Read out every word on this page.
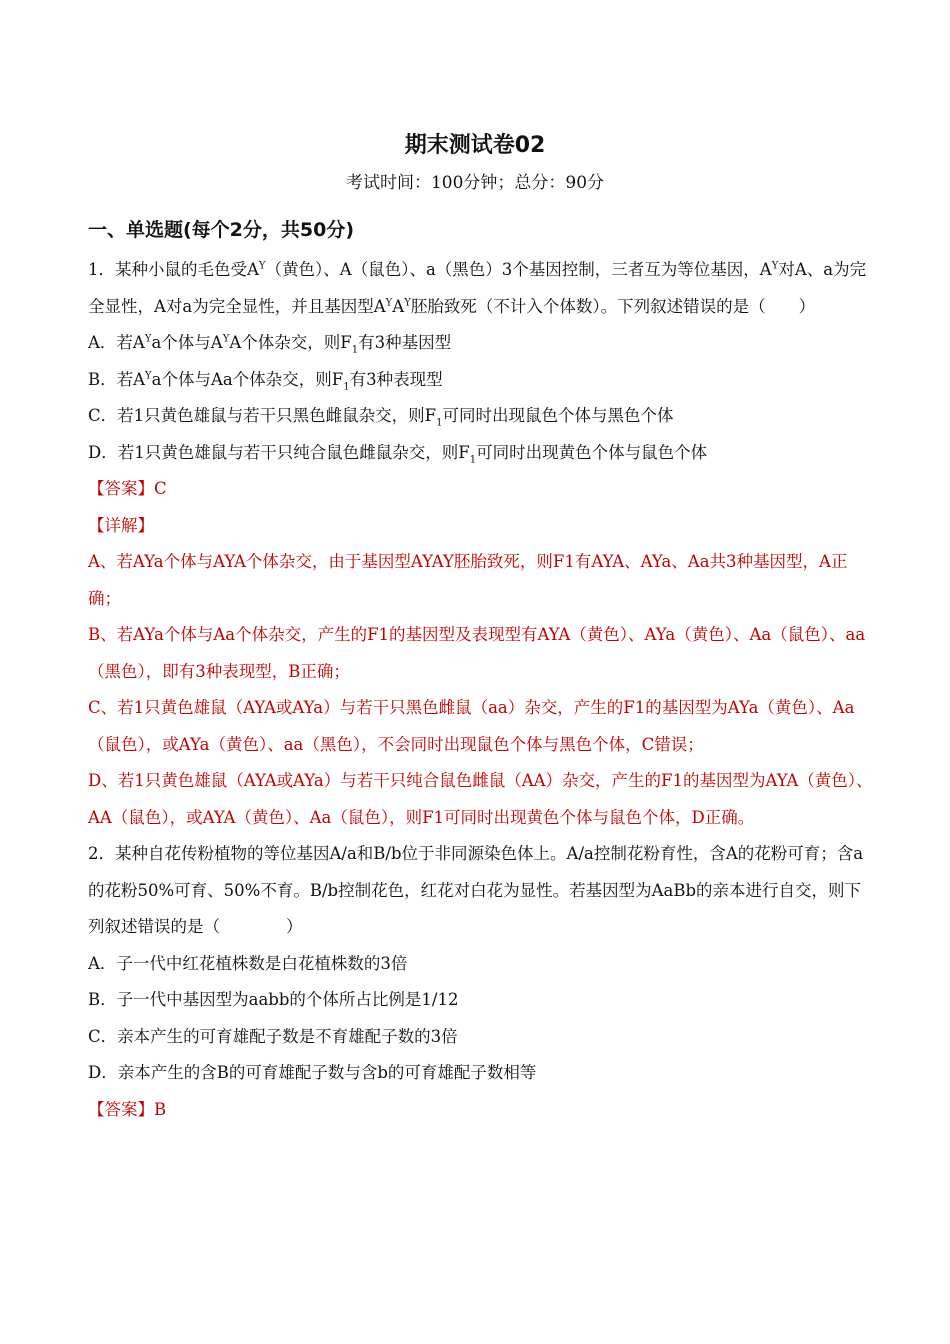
期末测试卷02
考试时间：100分钟；总分：90分
一、单选题(每个2分，共50分)

1．某种小鼠的毛色受$A^Y$（黄色）、A（鼠色）、a（黑色）3个基因控制，三者互为等位基因，$A^Y$对A、a为完全显性，A对a为完全显性，并且基因型$A^YA^Y$胚胎致死（不计入个体数）。下列叙述错误的是（　　）

A．若$A^Ya$个体与$A^YA$个体杂交，则$F_1$有3种基因型

B．若$A^Ya$个体与Aa个体杂交，则$F_1$有3种表现型

C．若1只黄色雄鼠与若干只黑色雌鼠杂交，则$F_1$可同时出现鼠色个体与黑色个体

D．若1只黄色雄鼠与若干只纯合鼠色雌鼠杂交，则$F_1$可同时出现黄色个体与鼠色个体

【答案】C

【详解】

A、若AYa个体与AYA个体杂交，由于基因型AYAY胚胎致死，则F1有AYA、AYa、Aa共3种基因型，A正确；

B、若AYa个体与Aa个体杂交，产生的F1的基因型及表现型有AYA（黄色）、AYa（黄色）、Aa（鼠色）、aa（黑色），即有3种表现型，B正确；

C、若1只黄色雄鼠（AYA或AYa）与若干只黑色雌鼠（aa）杂交，产生的F1的基因型为AYa（黄色）、Aa（鼠色），或AYa（黄色）、aa（黑色），不会同时出现鼠色个体与黑色个体，C错误；

D、若1只黄色雄鼠（AYA或AYa）与若干只纯合鼠色雌鼠（AA）杂交，产生的F1的基因型为AYA（黄色）、AA（鼠色），或AYA（黄色）、Aa（鼠色），则F1可同时出现黄色个体与鼠色个体，D正确。

2．某种自花传粉植物的等位基因A/a和B/b位于非同源染色体上。A/a控制花粉育性，含A的花粉可育；含a的花粉50%可育、50%不育。B/b控制花色，红花对白花为显性。若基因型为AaBb的亲本进行自交，则下列叙述错误的是（　　　　）

A．子一代中红花植株数是白花植株数的3倍

B．子一代中基因型为aabb的个体所占比例是1/12

C．亲本产生的可育雄配子数是不育雄配子数的3倍

D．亲本产生的含B的可育雄配子数与含b的可育雄配子数相等

【答案】B
